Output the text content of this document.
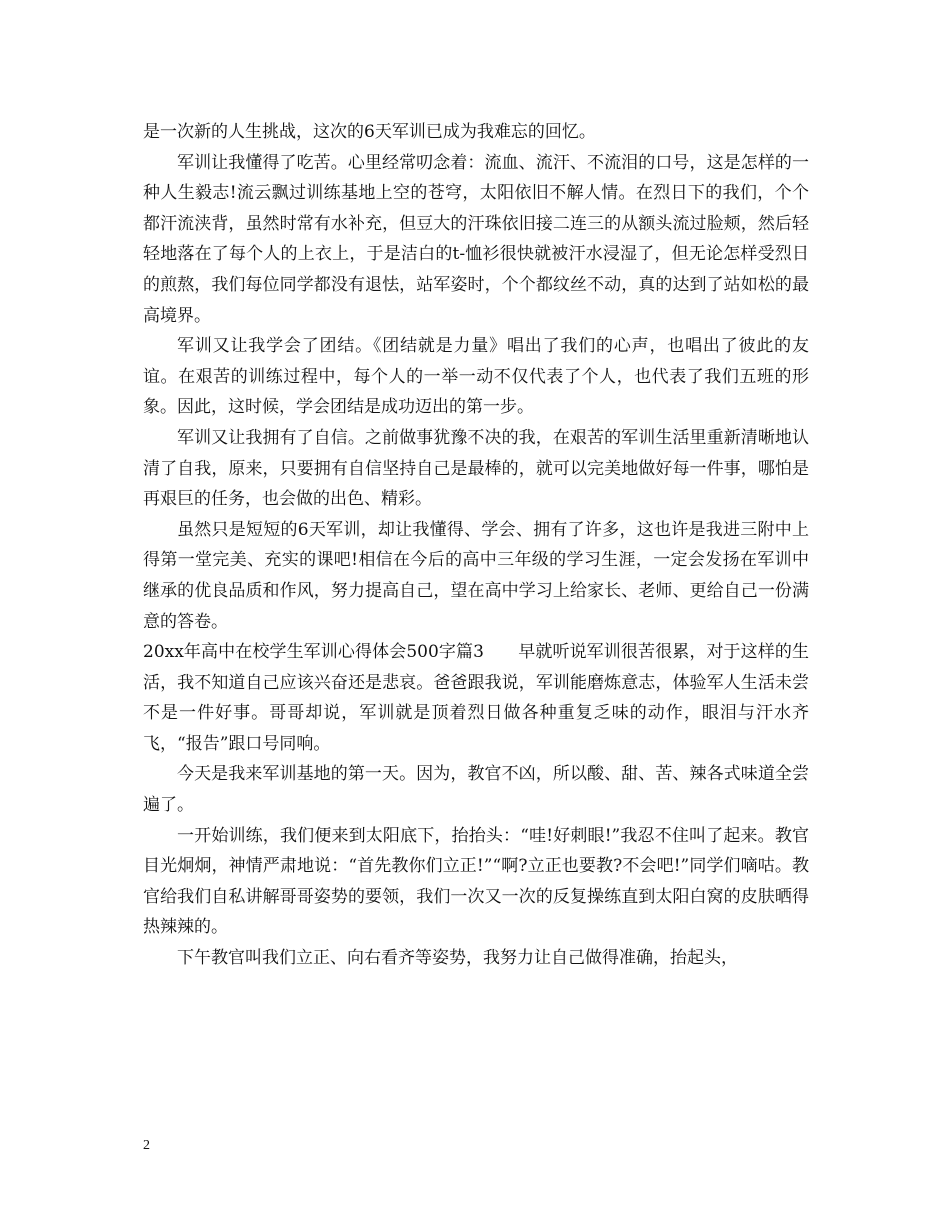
是一次新的人生挑战，这次的6天军训已成为我难忘的回忆。

军训让我懂得了吃苦。心里经常叨念着：流血、流汗、不流泪的口号，这是怎样的一种人生毅志!流云飘过训练基地上空的苍穹，太阳依旧不解人情。在烈日下的我们，个个都汗流浃背，虽然时常有水补充，但豆大的汗珠依旧接二连三的从额头流过脸颊，然后轻轻地落在了每个人的上衣上，于是洁白的t-恤衫很快就被汗水浸湿了，但无论怎样受烈日的煎熬，我们每位同学都没有退怯，站军姿时，个个都纹丝不动，真的达到了站如松的最高境界。

军训又让我学会了团结。《团结就是力量》唱出了我们的心声，也唱出了彼此的友谊。在艰苦的训练过程中，每个人的一举一动不仅代表了个人，也代表了我们五班的形象。因此，这时候，学会团结是成功迈出的第一步。

军训又让我拥有了自信。之前做事犹豫不决的我，在艰苦的军训生活里重新清晰地认清了自我，原来，只要拥有自信坚持自己是最棒的，就可以完美地做好每一件事，哪怕是再艰巨的任务，也会做的出色、精彩。

虽然只是短短的6天军训，却让我懂得、学会、拥有了许多，这也许是我进三附中上得第一堂完美、充实的课吧!相信在今后的高中三年级的学习生涯，一定会发扬在军训中继承的优良品质和作风，努力提高自己，望在高中学习上给家长、老师、更给自己一份满意的答卷。

20xx年高中在校学生军训心得体会500字篇3　　早就听说军训很苦很累，对于这样的生活，我不知道自己应该兴奋还是悲哀。爸爸跟我说，军训能磨炼意志，体验军人生活未尝不是一件好事。哥哥却说，军训就是顶着烈日做各种重复乏味的动作，眼泪与汗水齐飞，“报告”跟口号同响。

今天是我来军训基地的第一天。因为，教官不凶，所以酸、甜、苦、辣各式味道全尝遍了。

一开始训练，我们便来到太阳底下，抬抬头：“哇!好刺眼!”我忍不住叫了起来。教官目光炯炯，神情严肃地说：“首先教你们立正!”“啊?立正也要教?不会吧!”同学们嘀咕。教官给我们自私讲解哥哥姿势的要领，我们一次又一次的反复操练直到太阳白窝的皮肤晒得热辣辣的。

下午教官叫我们立正、向右看齐等姿势，我努力让自己做得准确，抬起头，

2
